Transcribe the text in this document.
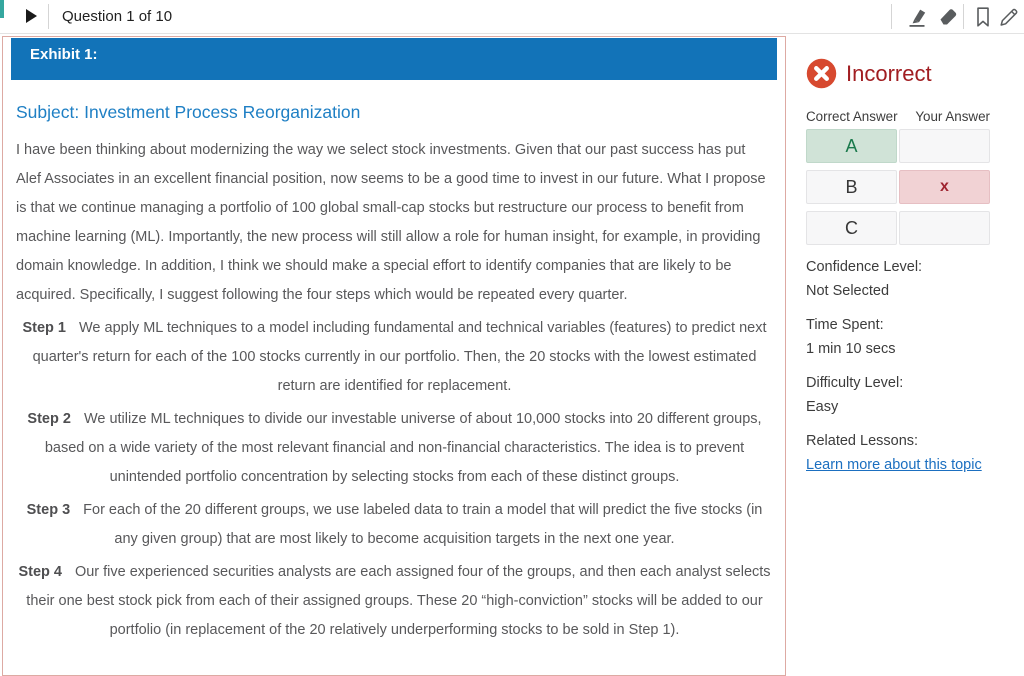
Question 1 of 10
Exhibit 1:
Subject: Investment Process Reorganization

I have been thinking about modernizing the way we select stock investments. Given that our past success has put Alef Associates in an excellent financial position, now seems to be a good time to invest in our future. What I propose is that we continue managing a portfolio of 100 global small-cap stocks but restructure our process to benefit from machine learning (ML). Importantly, the new process will still allow a role for human insight, for example, in providing domain knowledge. In addition, I think we should make a special effort to identify companies that are likely to be acquired. Specifically, I suggest following the four steps which would be repeated every quarter.

Step 1 We apply ML techniques to a model including fundamental and technical variables (features) to predict next quarter's return for each of the 100 stocks currently in our portfolio. Then, the 20 stocks with the lowest estimated return are identified for replacement.

Step 2 We utilize ML techniques to divide our investable universe of about 10,000 stocks into 20 different groups, based on a wide variety of the most relevant financial and non-financial characteristics. The idea is to prevent unintended portfolio concentration by selecting stocks from each of these distinct groups.

Step 3 For each of the 20 different groups, we use labeled data to train a model that will predict the five stocks (in any given group) that are most likely to become acquisition targets in the next one year.

Step 4 Our five experienced securities analysts are each assigned four of the groups, and then each analyst selects their one best stock pick from each of their assigned groups. These 20 “high-conviction” stocks will be added to our portfolio (in replacement of the 20 relatively underperforming stocks to be sold in Step 1).

Incorrect
Correct Answer Your Answer
A
B	x
C
Confidence Level:
Not Selected
Time Spent:
1 min 10 secs
Difficulty Level:
Easy
Related Lessons:
Learn more about this topic
